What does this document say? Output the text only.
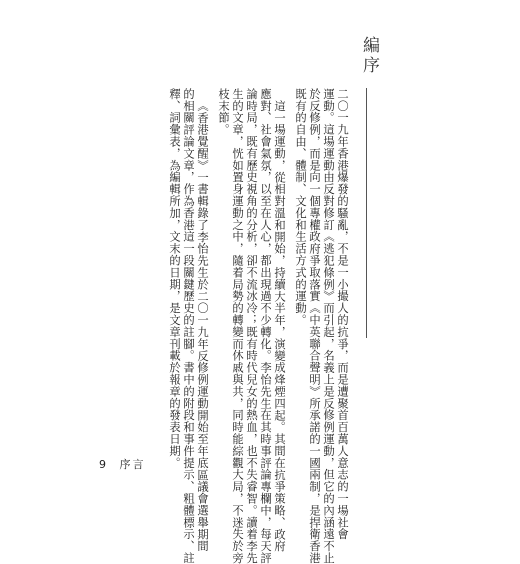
編序
二〇一九年香港爆發的騷亂，不是一小撮人的抗爭，而是遭聚首百萬人意志的一場社會
運動。這場運動由反對修訂《逃犯條例》而引起，名義上是反修例運動，但它的內涵遠不止
於反修例，而是向一個專權政府爭取落實《中英聯合聲明》所承諾的一國兩制，是捍衛香港
既有的自由、體制、文化和生活方式的運動。
這一場運動，從相對溫和開始，持續大半年，演變成烽煙四起。其間在抗爭策略、政府
應對、社會氣氛，以至在人心，都出現過不少轉化。李怡先生在其時事評論專欄中，每天評
論時局，既有歷史視角的分析，卻不流冰冷；既有時代兒女的熱血，也不失睿智。讀着李先
生的文章，恍如置身運動之中，隨着局勢的轉變而休戚與共，同時能綜觀大局，不迷失於旁
枝末節。
《香港覺醒》一書輯錄了李怡先生於二〇一九年反修例運動開始至年底區議會選舉期間
的相關評論文章，作為香港這一段關鍵歷史的註腳。書中的附段和事件提示、粗體標示、註
釋、詞彙表，為編輯所加，文末的日期，是文章刊載於報章的發表日期。
9 序言
